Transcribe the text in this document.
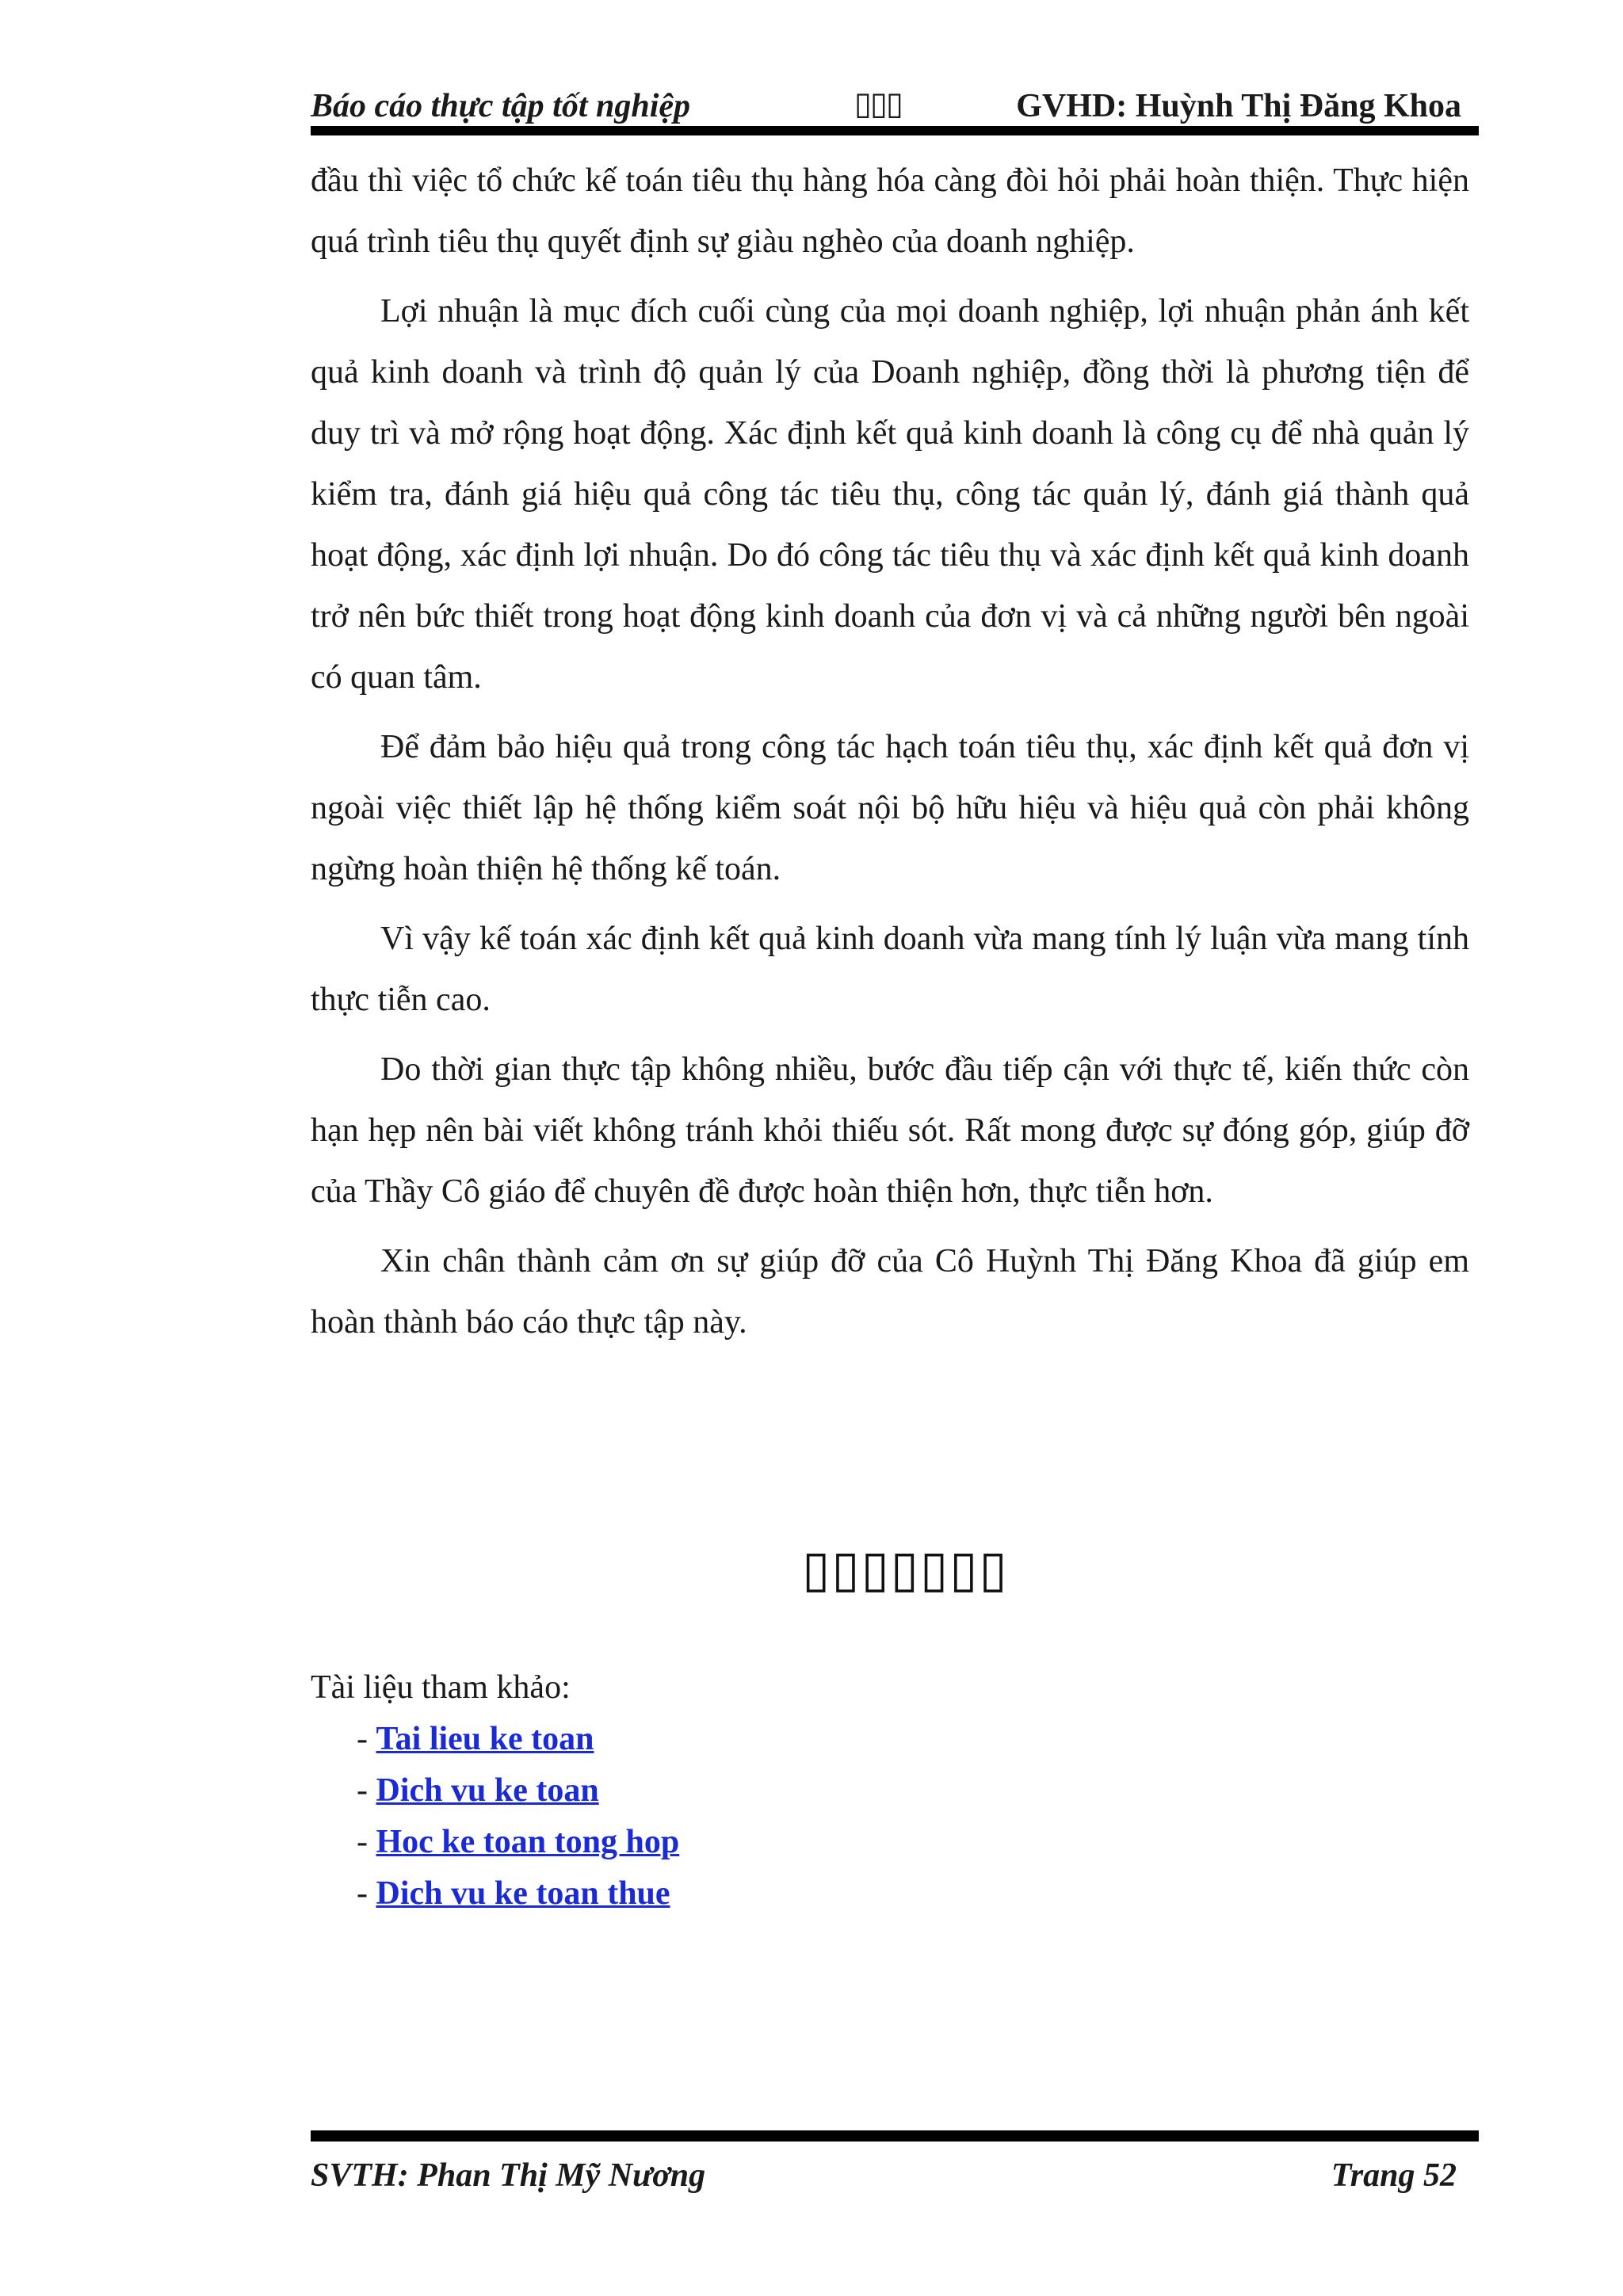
Báo cáo thực tập tốt nghiệp	▯▯▯	GVHD: Huỳnh Thị Đăng Khoa

đầu thì việc tổ chức kế toán tiêu thụ hàng hóa càng đòi hỏi phải hoàn thiện. Thực hiện quá trình tiêu thụ quyết định sự giàu nghèo của doanh nghiệp.

Lợi nhuận là mục đích cuối cùng của mọi doanh nghiệp, lợi nhuận phản ánh kết quả kinh doanh và trình độ quản lý của Doanh nghiệp, đồng thời là phương tiện để duy trì và mở rộng hoạt động. Xác định kết quả kinh doanh là công cụ để nhà quản lý kiểm tra, đánh giá hiệu quả công tác tiêu thụ, công tác quản lý, đánh giá thành quả hoạt động, xác định lợi nhuận. Do đó công tác tiêu thụ và xác định kết quả kinh doanh trở nên bức thiết trong hoạt động kinh doanh của đơn vị và cả những người bên ngoài có quan tâm.

Để đảm bảo hiệu quả trong công tác hạch toán tiêu thụ, xác định kết quả đơn vị ngoài việc thiết lập hệ thống kiểm soát nội bộ hữu hiệu và hiệu quả còn phải không ngừng hoàn thiện hệ thống kế toán.

Vì vậy kế toán xác định kết quả kinh doanh vừa mang tính lý luận vừa mang tính thực tiễn cao.

Do thời gian thực tập không nhiều, bước đầu tiếp cận với thực tế, kiến thức còn hạn hẹp nên bài viết không tránh khỏi thiếu sót. Rất mong được sự đóng góp, giúp đỡ của Thầy Cô giáo để chuyên đề được hoàn thiện hơn, thực tiễn hơn.

Xin chân thành cảm ơn sự giúp đỡ của Cô Huỳnh Thị Đăng Khoa đã giúp em hoàn thành báo cáo thực tập này.

▯▯▯▯▯▯▯

Tài liệu tham khảo:

- Tai lieu ke toan
- Dich vu ke toan
- Hoc ke toan tong hop
- Dich vu ke toan thue
SVTH: Phan Thị Mỹ Nương	Trang 52
